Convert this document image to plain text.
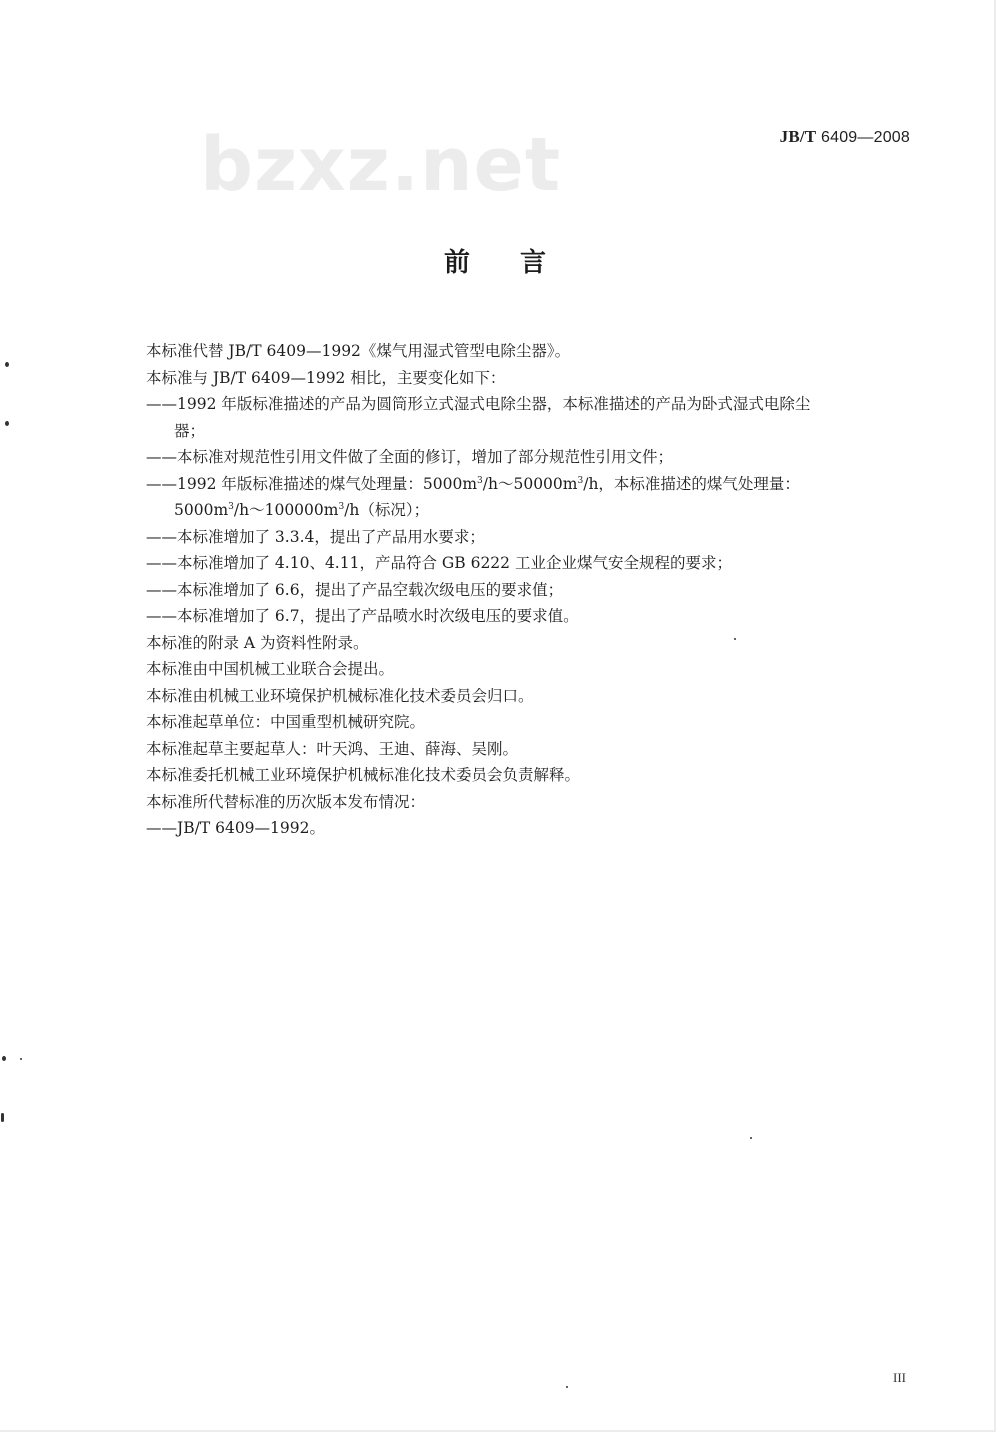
JB/T 6409—2008
bzxz.net
前言

本标准代替 JB/T 6409—1992《煤气用湿式管型电除尘器》。

本标准与 JB/T 6409—1992 相比，主要变化如下：

——1992 年版标准描述的产品为圆筒形立式湿式电除尘器，本标准描述的产品为卧式湿式电除尘

器；

——本标准对规范性引用文件做了全面的修订，增加了部分规范性引用文件；

——1992 年版标准描述的煤气处理量：$5000m^3/h\sim 50000m^3/h$，本标准描述的煤气处理量：

$5000m^3/h\sim 100000m^3/h$（标况）；

——本标准增加了 3.3.4，提出了产品用水要求；

——本标准增加了 4.10、4.11，产品符合 GB 6222 工业企业煤气安全规程的要求；

——本标准增加了 6.6，提出了产品空载次级电压的要求值；

——本标准增加了 6.7，提出了产品喷水时次级电压的要求值。

本标准的附录 A 为资料性附录。

本标准由中国机械工业联合会提出。

本标准由机械工业环境保护机械标准化技术委员会归口。

本标准起草单位：中国重型机械研究院。

本标准起草主要起草人：叶天鸿、王迪、薛海、吴刚。

本标准委托机械工业环境保护机械标准化技术委员会负责解释。

本标准所代替标准的历次版本发布情况：

——JB/T 6409—1992。

III
